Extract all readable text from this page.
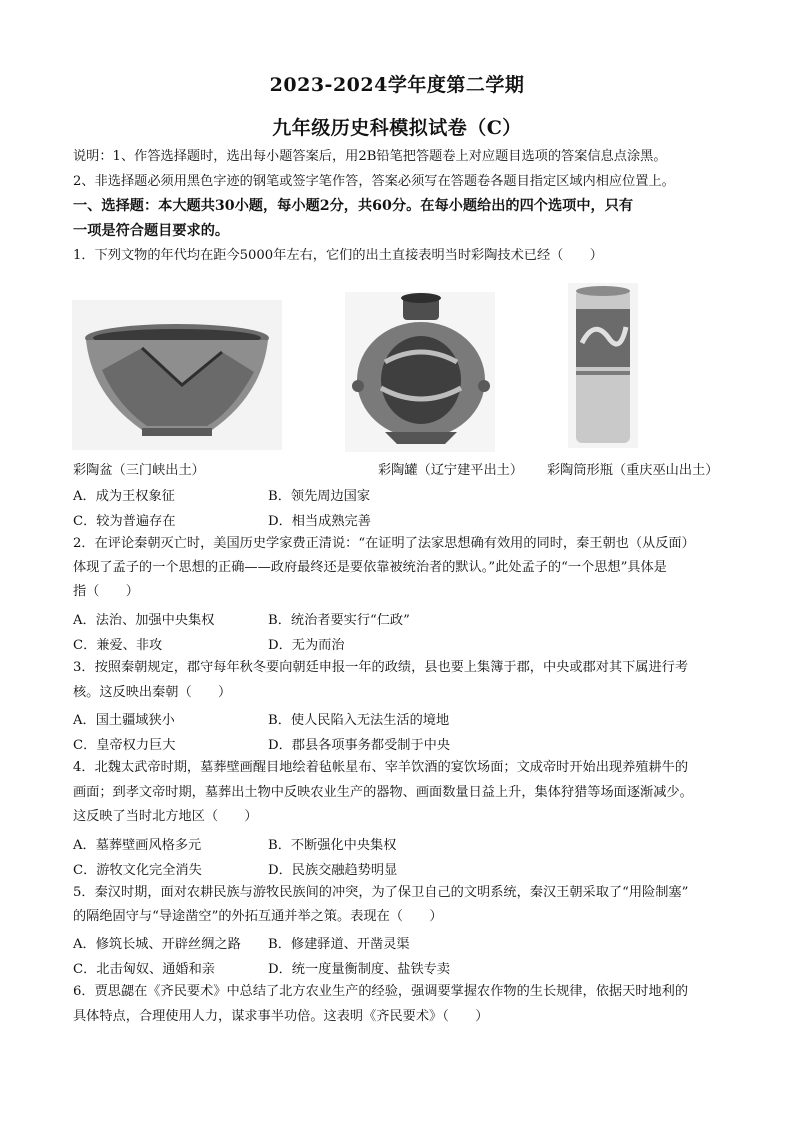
2023-2024学年度第二学期
九年级历史科模拟试卷（C）
说明：1、作答选择题时，选出每小题答案后，用2B铅笔把答题卷上对应题目选项的答案信息点涂黑。
2、非选择题必须用黑色字迹的钢笔或签字笔作答，答案必须写在答题卷各题目指定区域内相应位置上。
一、选择题：本大题共30小题，每小题2分，共60分。在每小题给出的四个选项中，只有
一项是符合题目要求的。
1．下列文物的年代均在距今5000年左右，它们的出土直接表明当时彩陶技术已经（　　）
彩陶盆（三门峡出土）	彩陶罐（辽宁建平出土） 彩陶筒形瓶（重庆巫山出土）
A．成为王权象征	B．领先周边国家
C．较为普遍存在	D．相当成熟完善
2．在评论秦朝灭亡时，美国历史学家费正清说：“在证明了法家思想确有效用的同时，秦王朝也（从反面）
体现了孟子的一个思想的正确——政府最终还是要依靠被统治者的默认。”此处孟子的“一个思想”具体是
指（　　）
A．法治、加强中央集权	B．统治者要实行“仁政”
C．兼爱、非攻	D．无为而治
3．按照秦朝规定，郡守每年秋冬要向朝廷申报一年的政绩，县也要上集簿于郡，中央或郡对其下属进行考
核。这反映出秦朝（　　）
A．国土疆域狭小	B．使人民陷入无法生活的境地
C．皇帝权力巨大	D．郡县各项事务都受制于中央
4．北魏太武帝时期，墓葬壁画醒目地绘着毡帐星布、宰羊饮酒的宴饮场面；文成帝时开始出现养殖耕牛的
画面；到孝文帝时期，墓葬出土物中反映农业生产的器物、画面数量日益上升，集体狩猎等场面逐渐减少。
这反映了当时北方地区（　　）
A．墓葬壁画风格多元	B．不断强化中央集权
C．游牧文化完全消失	D．民族交融趋势明显
5．秦汉时期，面对农耕民族与游牧民族间的冲突，为了保卫自己的文明系统，秦汉王朝采取了“用险制塞”
的隔绝固守与“导途凿空”的外拓互通并举之策。表现在（　　）
A．修筑长城、开辟丝绸之路 B．修建驿道、开凿灵渠
C．北击匈奴、通婚和亲	D．统一度量衡制度、盐铁专卖
6．贾思勰在《齐民要术》中总结了北方农业生产的经验，强调要掌握农作物的生长规律，依据天时地利的
具体特点，合理使用人力，谋求事半功倍。这表明《齐民要术》（　　）
